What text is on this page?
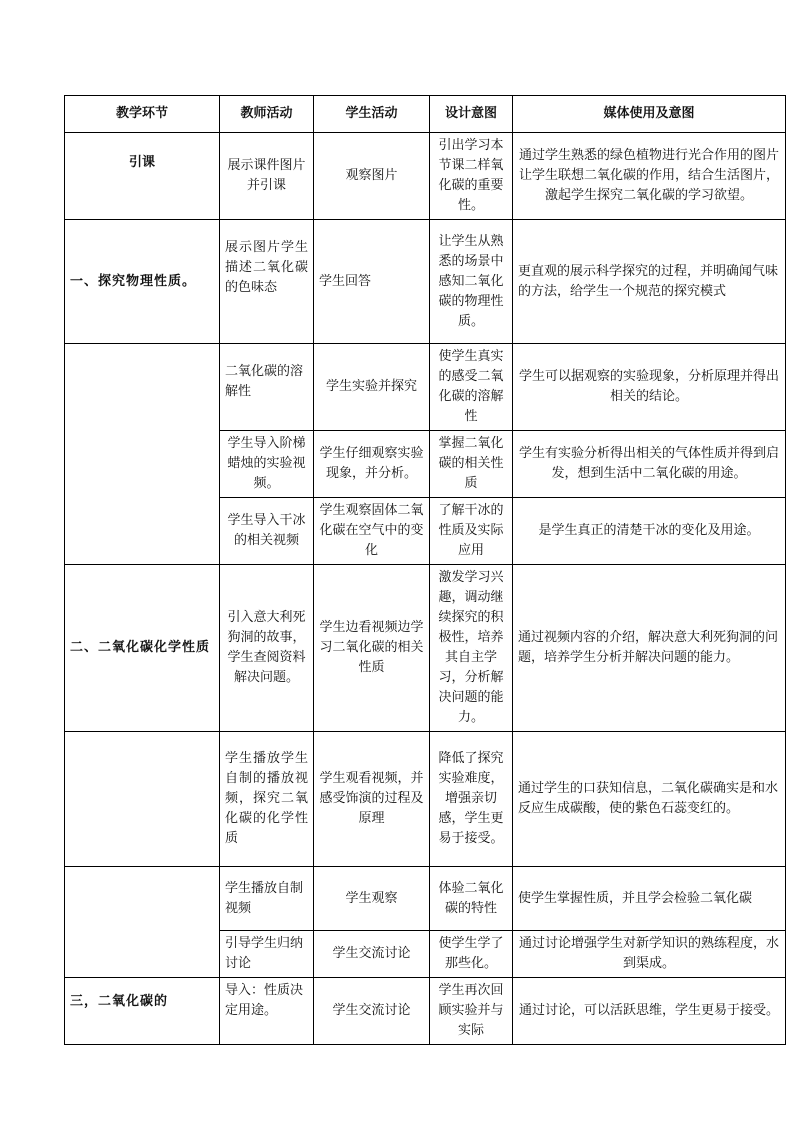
教学环节	教师活动	学生活动	设计意图	媒体使用及意图
引课	展示课件图片并引课	观察图片	引出学习本节课二样氧化碳的重要性。	通过学生熟悉的绿色植物进行光合作用的图片让学生联想二氧化碳的作用，结合生活图片，激起学生探究二氧化碳的学习欲望。
一、探究物理性质。	展示图片学生描述二氧化碳的色味态	学生回答	让学生从熟悉的场景中感知二氧化碳的物理性质。	更直观的展示科学探究的过程，并明确闻气味的方法，给学生一个规范的探究模式
	二氧化碳的溶解性	学生实验并探究	使学生真实的感受二氧化碳的溶解性	学生可以据观察的实验现象，分析原理并得出相关的结论。
	学生导入阶梯蜡烛的实验视频。	学生仔细观察实验现象，并分析。	掌握二氧化碳的相关性质	学生有实验分析得出相关的气体性质并得到启发，想到生活中二氧化碳的用途。
	学生导入干冰的相关视频	学生观察固体二氧化碳在空气中的变化	了解干冰的性质及实际应用	是学生真正的清楚干冰的变化及用途。
二、二氧化碳化学性质	引入意大利死狗洞的故事，学生查阅资料解决问题。	学生边看视频边学习二氧化碳的相关性质	激发学习兴趣，调动继续探究的积极性，培养其自主学习，分析解决问题的能力。	通过视频内容的介绍，解决意大利死狗洞的问题，培养学生分析并解决问题的能力。
	学生播放学生自制的播放视频，探究二氧化碳的化学性质	学生观看视频，并感受饰演的过程及原理	降低了探究实验难度，增强亲切感，学生更易于接受。	通过学生的口获知信息，二氧化碳确实是和水反应生成碳酸，使的紫色石蕊变红的。
	学生播放自制视频	学生观察	体验二氧化碳的特性	使学生掌握性质，并且学会检验二氧化碳
	引导学生归纳讨论	学生交流讨论	使学生学了那些化。	通过讨论增强学生对新学知识的熟练程度，水到渠成。
三，二氧化碳的	导入：性质决定用途。	学生交流讨论	学生再次回顾实验并与实际	通过讨论，可以活跃思维，学生更易于接受。
